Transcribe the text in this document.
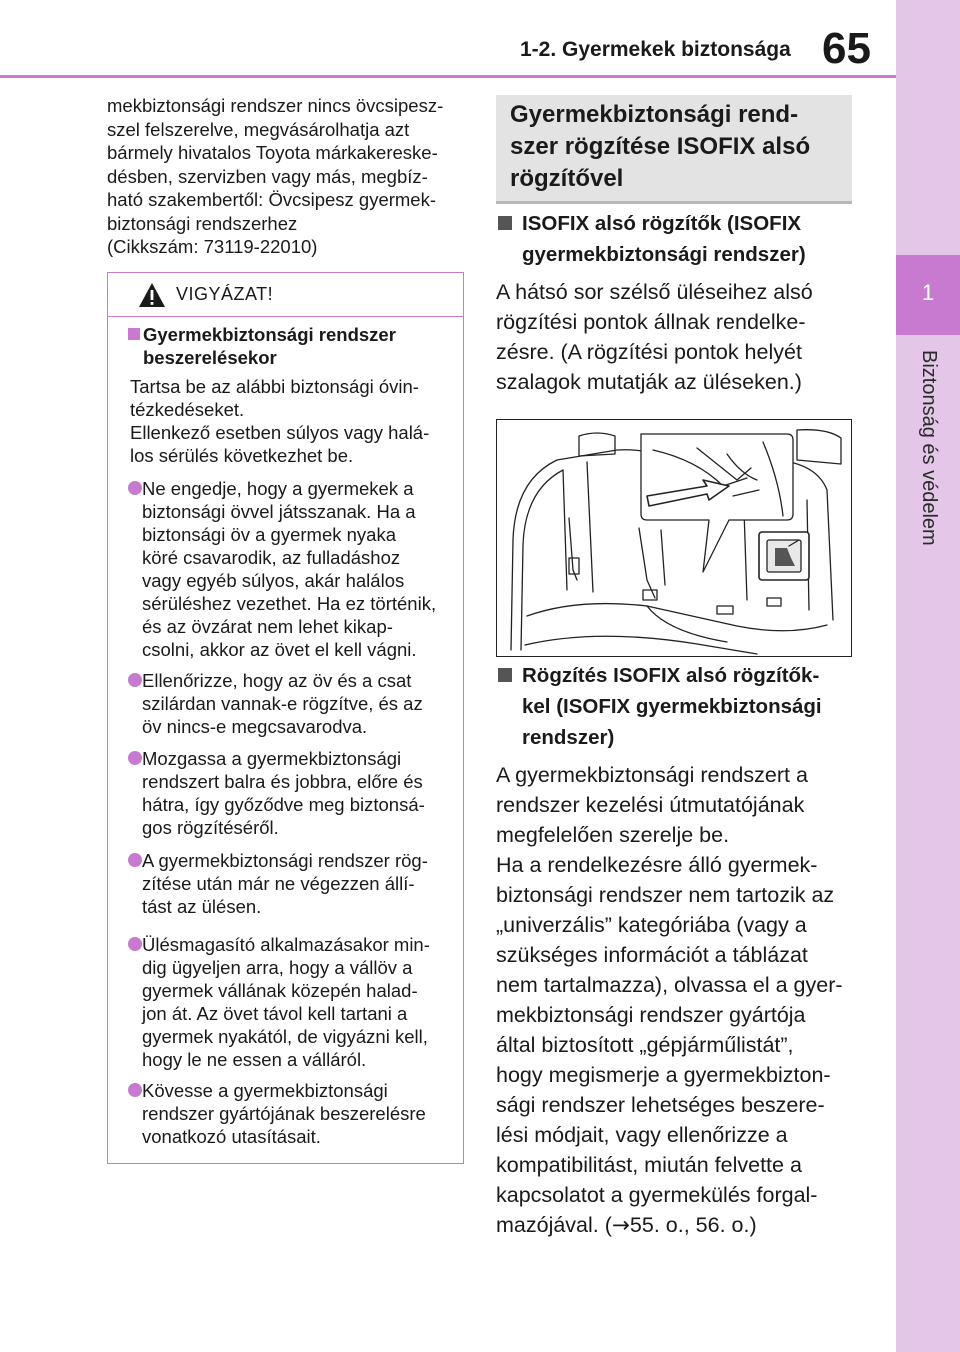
1-2. Gyermekek biztonsága 65
1
Biztonság és védelem
mekbiztonsági rendszer nincs övcsipesz-
szel felszerelve, megvásárolhatja azt
bármely hivatalos Toyota márkakereske-
désben, szervizben vagy más, megbíz-
ható szakembertől: Övcsipesz gyermek-
biztonsági rendszerhez
(Cikkszám: 73119-22010)
VIGYÁZAT!
Gyermekbiztonsági rendszer
beszerelésekor
Tartsa be az alábbi biztonsági óvin-
tézkedéseket.
Ellenkező esetben súlyos vagy halá-
los sérülés következhet be.
Ne engedje, hogy a gyermekek a
biztonsági övvel játsszanak. Ha a
biztonsági öv a gyermek nyaka
köré csavarodik, az fulladáshoz
vagy egyéb súlyos, akár halálos
sérüléshez vezethet. Ha ez történik,
és az övzárat nem lehet kikap-
csolni, akkor az övet el kell vágni.
Ellenőrizze, hogy az öv és a csat
szilárdan vannak-e rögzítve, és az
öv nincs-e megcsavarodva.
Mozgassa a gyermekbiztonsági
rendszert balra és jobbra, előre és
hátra, így győződve meg biztonsá-
gos rögzítéséről.
A gyermekbiztonsági rendszer rög-
zítése után már ne végezzen állí-
tást az ülésen.
Ülésmagasító alkalmazásakor min-
dig ügyeljen arra, hogy a vállöv a
gyermek vállának közepén halad-
jon át. Az övet távol kell tartani a
gyermek nyakától, de vigyázni kell,
hogy le ne essen a válláról.
Kövesse a gyermekbiztonsági
rendszer gyártójának beszerelésre
vonatkozó utasításait.
Gyermekbiztonsági rend-
szer rögzítése ISOFIX alsó
rögzítővel
ISOFIX alsó rögzítők (ISOFIX
gyermekbiztonsági rendszer)
A hátsó sor szélső üléseihez alsó
rögzítési pontok állnak rendelke-
zésre. (A rögzítési pontok helyét
szalagok mutatják az üléseken.)
Rögzítés ISOFIX alsó rögzítők-
kel (ISOFIX gyermekbiztonsági
rendszer)
A gyermekbiztonsági rendszert a
rendszer kezelési útmutatójának
megfelelően szerelje be.
Ha a rendelkezésre álló gyermek-
biztonsági rendszer nem tartozik az
„univerzális” kategóriába (vagy a
szükséges információt a táblázat
nem tartalmazza), olvassa el a gyer-
mekbiztonsági rendszer gyártója
által biztosított „gépjárműlistát”,
hogy megismerje a gyermekbizton-
sági rendszer lehetséges beszere-
lési módjait, vagy ellenőrizze a
kompatibilitást, miután felvette a
kapcsolatot a gyermekülés forgal-
mazójával. (→55. o., 56. o.)
